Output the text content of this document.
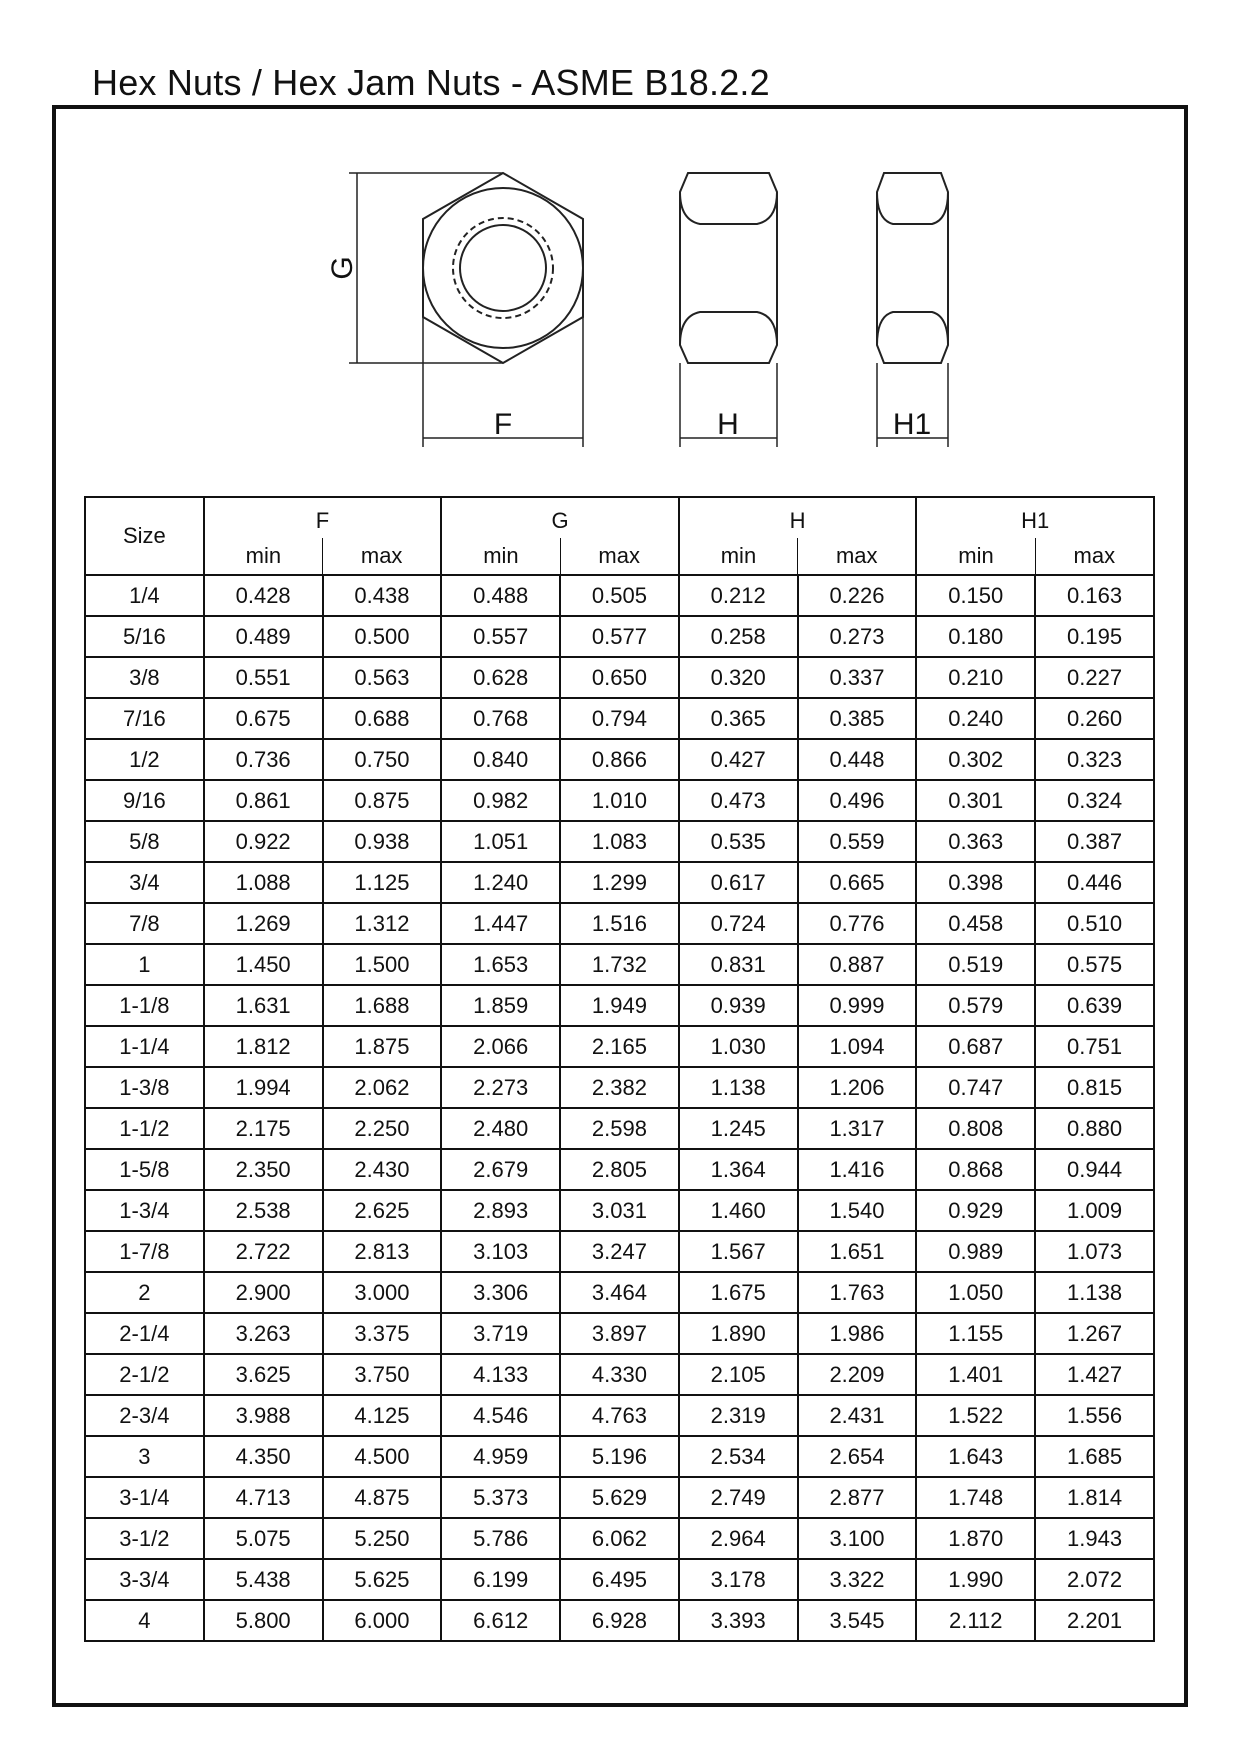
Hex Nuts / Hex Jam Nuts - ASME B18.2.2
G
F	H	H1
Size	F		G		H		H1	
	min	max	min	max	min	max	min	max
1/4	0.428	0.438	0.488	0.505	0.212	0.226	0.150	0.163
5/16	0.489	0.500	0.557	0.577	0.258	0.273	0.180	0.195
3/8	0.551	0.563	0.628	0.650	0.320	0.337	0.210	0.227
7/16	0.675	0.688	0.768	0.794	0.365	0.385	0.240	0.260
1/2	0.736	0.750	0.840	0.866	0.427	0.448	0.302	0.323
9/16	0.861	0.875	0.982	1.010	0.473	0.496	0.301	0.324
5/8	0.922	0.938	1.051	1.083	0.535	0.559	0.363	0.387
3/4	1.088	1.125	1.240	1.299	0.617	0.665	0.398	0.446
7/8	1.269	1.312	1.447	1.516	0.724	0.776	0.458	0.510
1	1.450	1.500	1.653	1.732	0.831	0.887	0.519	0.575
1-1/8	1.631	1.688	1.859	1.949	0.939	0.999	0.579	0.639
1-1/4	1.812	1.875	2.066	2.165	1.030	1.094	0.687	0.751
1-3/8	1.994	2.062	2.273	2.382	1.138	1.206	0.747	0.815
1-1/2	2.175	2.250	2.480	2.598	1.245	1.317	0.808	0.880
1-5/8	2.350	2.430	2.679	2.805	1.364	1.416	0.868	0.944
1-3/4	2.538	2.625	2.893	3.031	1.460	1.540	0.929	1.009
1-7/8	2.722	2.813	3.103	3.247	1.567	1.651	0.989	1.073
2	2.900	3.000	3.306	3.464	1.675	1.763	1.050	1.138
2-1/4	3.263	3.375	3.719	3.897	1.890	1.986	1.155	1.267
2-1/2	3.625	3.750	4.133	4.330	2.105	2.209	1.401	1.427
2-3/4	3.988	4.125	4.546	4.763	2.319	2.431	1.522	1.556
3	4.350	4.500	4.959	5.196	2.534	2.654	1.643	1.685
3-1/4	4.713	4.875	5.373	5.629	2.749	2.877	1.748	1.814
3-1/2	5.075	5.250	5.786	6.062	2.964	3.100	1.870	1.943
3-3/4	5.438	5.625	6.199	6.495	3.178	3.322	1.990	2.072
4	5.800	6.000	6.612	6.928	3.393	3.545	2.112	2.201
